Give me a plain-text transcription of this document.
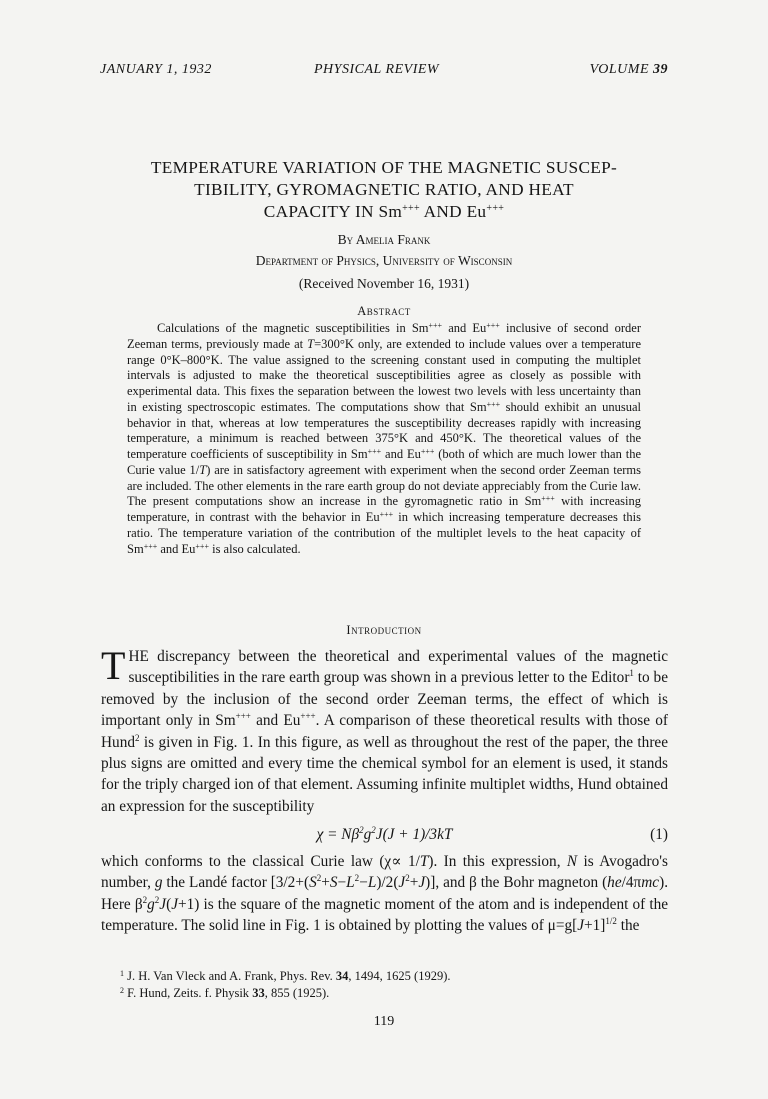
JANUARY 1, 1932	PHYSICAL REVIEW	VOLUME 39
TEMPERATURE VARIATION OF THE MAGNETIC SUSCEP-
TIBILITY, GYROMAGNETIC RATIO, AND HEAT
CAPACITY IN Sm+++ AND Eu+++
By Amelia Frank
Department of Physics, University of Wisconsin
(Received November 16, 1931)
Abstract

Calculations of the magnetic susceptibilities in Sm+++ and Eu+++ inclusive of second order Zeeman terms, previously made at T=300°K only, are extended to include values over a temperature range 0°K–800°K. The value assigned to the screening constant used in computing the multiplet intervals is adjusted to make the theoretical susceptibilities agree as closely as possible with experimental data. This fixes the separation between the lowest two levels with less uncertainty than in existing spectroscopic estimates. The computations show that Sm+++ should exhibit an unusual behavior in that, whereas at low temperatures the susceptibility decreases rapidly with increasing temperature, a minimum is reached between 375°K and 450°K. The theoretical values of the temperature coefficients of susceptibility in Sm+++ and Eu+++ (both of which are much lower than the Curie value 1/T) are in satisfactory agreement with experiment when the second order Zeeman terms are included. The other elements in the rare earth group do not deviate appreciably from the Curie law. The present computations show an increase in the gyromagnetic ratio in Sm+++ with increasing temperature, in contrast with the behavior in Eu+++ in which increasing temperature decreases this ratio. The temperature variation of the contribution of the multiplet levels to the heat capacity of Sm+++ and Eu+++ is also calculated.

Introduction

THE discrepancy between the theoretical and experimental values of the magnetic susceptibilities in the rare earth group was shown in a previous letter to the Editor$^1$ to be removed by the inclusion of the second order Zeeman terms, the effect of which is important only in Sm+++ and Eu+++. A comparison of these theoretical results with those of Hund$^2$ is given in Fig. 1. In this figure, as well as throughout the rest of the paper, the three plus signs are omitted and every time the chemical symbol for an element is used, it stands for the triply charged ion of that element. Assuming infinite multiplet widths, Hund obtained an expression for the susceptibility

$\chi = N\beta^2g^2J(J + 1)/3kT$	(1)

which conforms to the classical Curie law (χ∝ 1/T). In this expression, N is Avogadro's number, g the Landé factor $[3/2+(S^2+S-L^2-L)/2(J^2+J)]$, and β the Bohr magneton (he/4πmc). Here $\beta^2g^2J(J+1)$ is the square of the magnetic moment of the atom and is independent of the temperature. The solid line in Fig. 1 is obtained by plotting the values of $\mu=g[J+1]^{1/2}$ the

$^1$ J. H. Van Vleck and A. Frank, Phys. Rev. 34, 1494, 1625 (1929).
$^2$ F. Hund, Zeits. f. Physik 33, 855 (1925).
119
